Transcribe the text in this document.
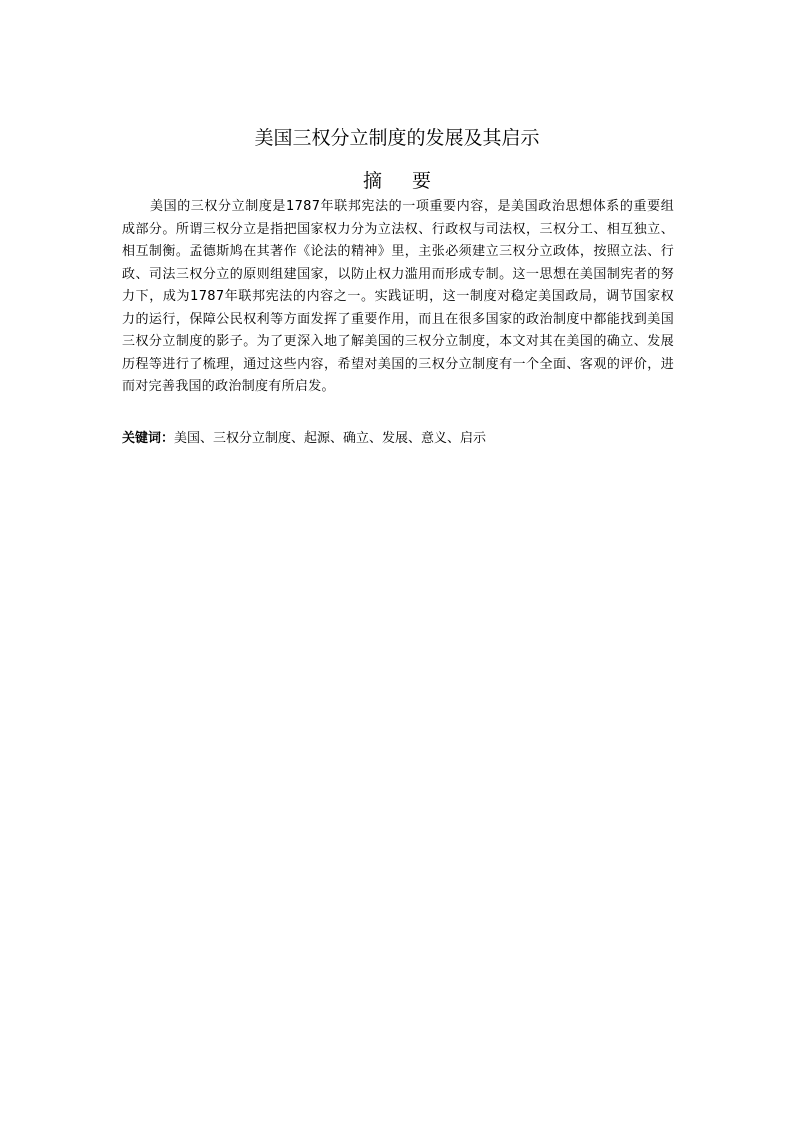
美国三权分立制度的发展及其启示
摘要

美国的三权分立制度是1787年联邦宪法的一项重要内容，是美国政治思想体系的重要组成部分。所谓三权分立是指把国家权力分为立法权、行政权与司法权，三权分工、相互独立、相互制衡。孟德斯鸠在其著作《论法的精神》里，主张必须建立三权分立政体，按照立法、行政、司法三权分立的原则组建国家，以防止权力滥用而形成专制。这一思想在美国制宪者的努力下，成为1787年联邦宪法的内容之一。实践证明，这一制度对稳定美国政局，调节国家权力的运行，保障公民权利等方面发挥了重要作用，而且在很多国家的政治制度中都能找到美国三权分立制度的影子。为了更深入地了解美国的三权分立制度，本文对其在美国的确立、发展历程等进行了梳理，通过这些内容，希望对美国的三权分立制度有一个全面、客观的评价，进而对完善我国的政治制度有所启发。

关键词：美国、三权分立制度、起源、确立、发展、意义、启示
